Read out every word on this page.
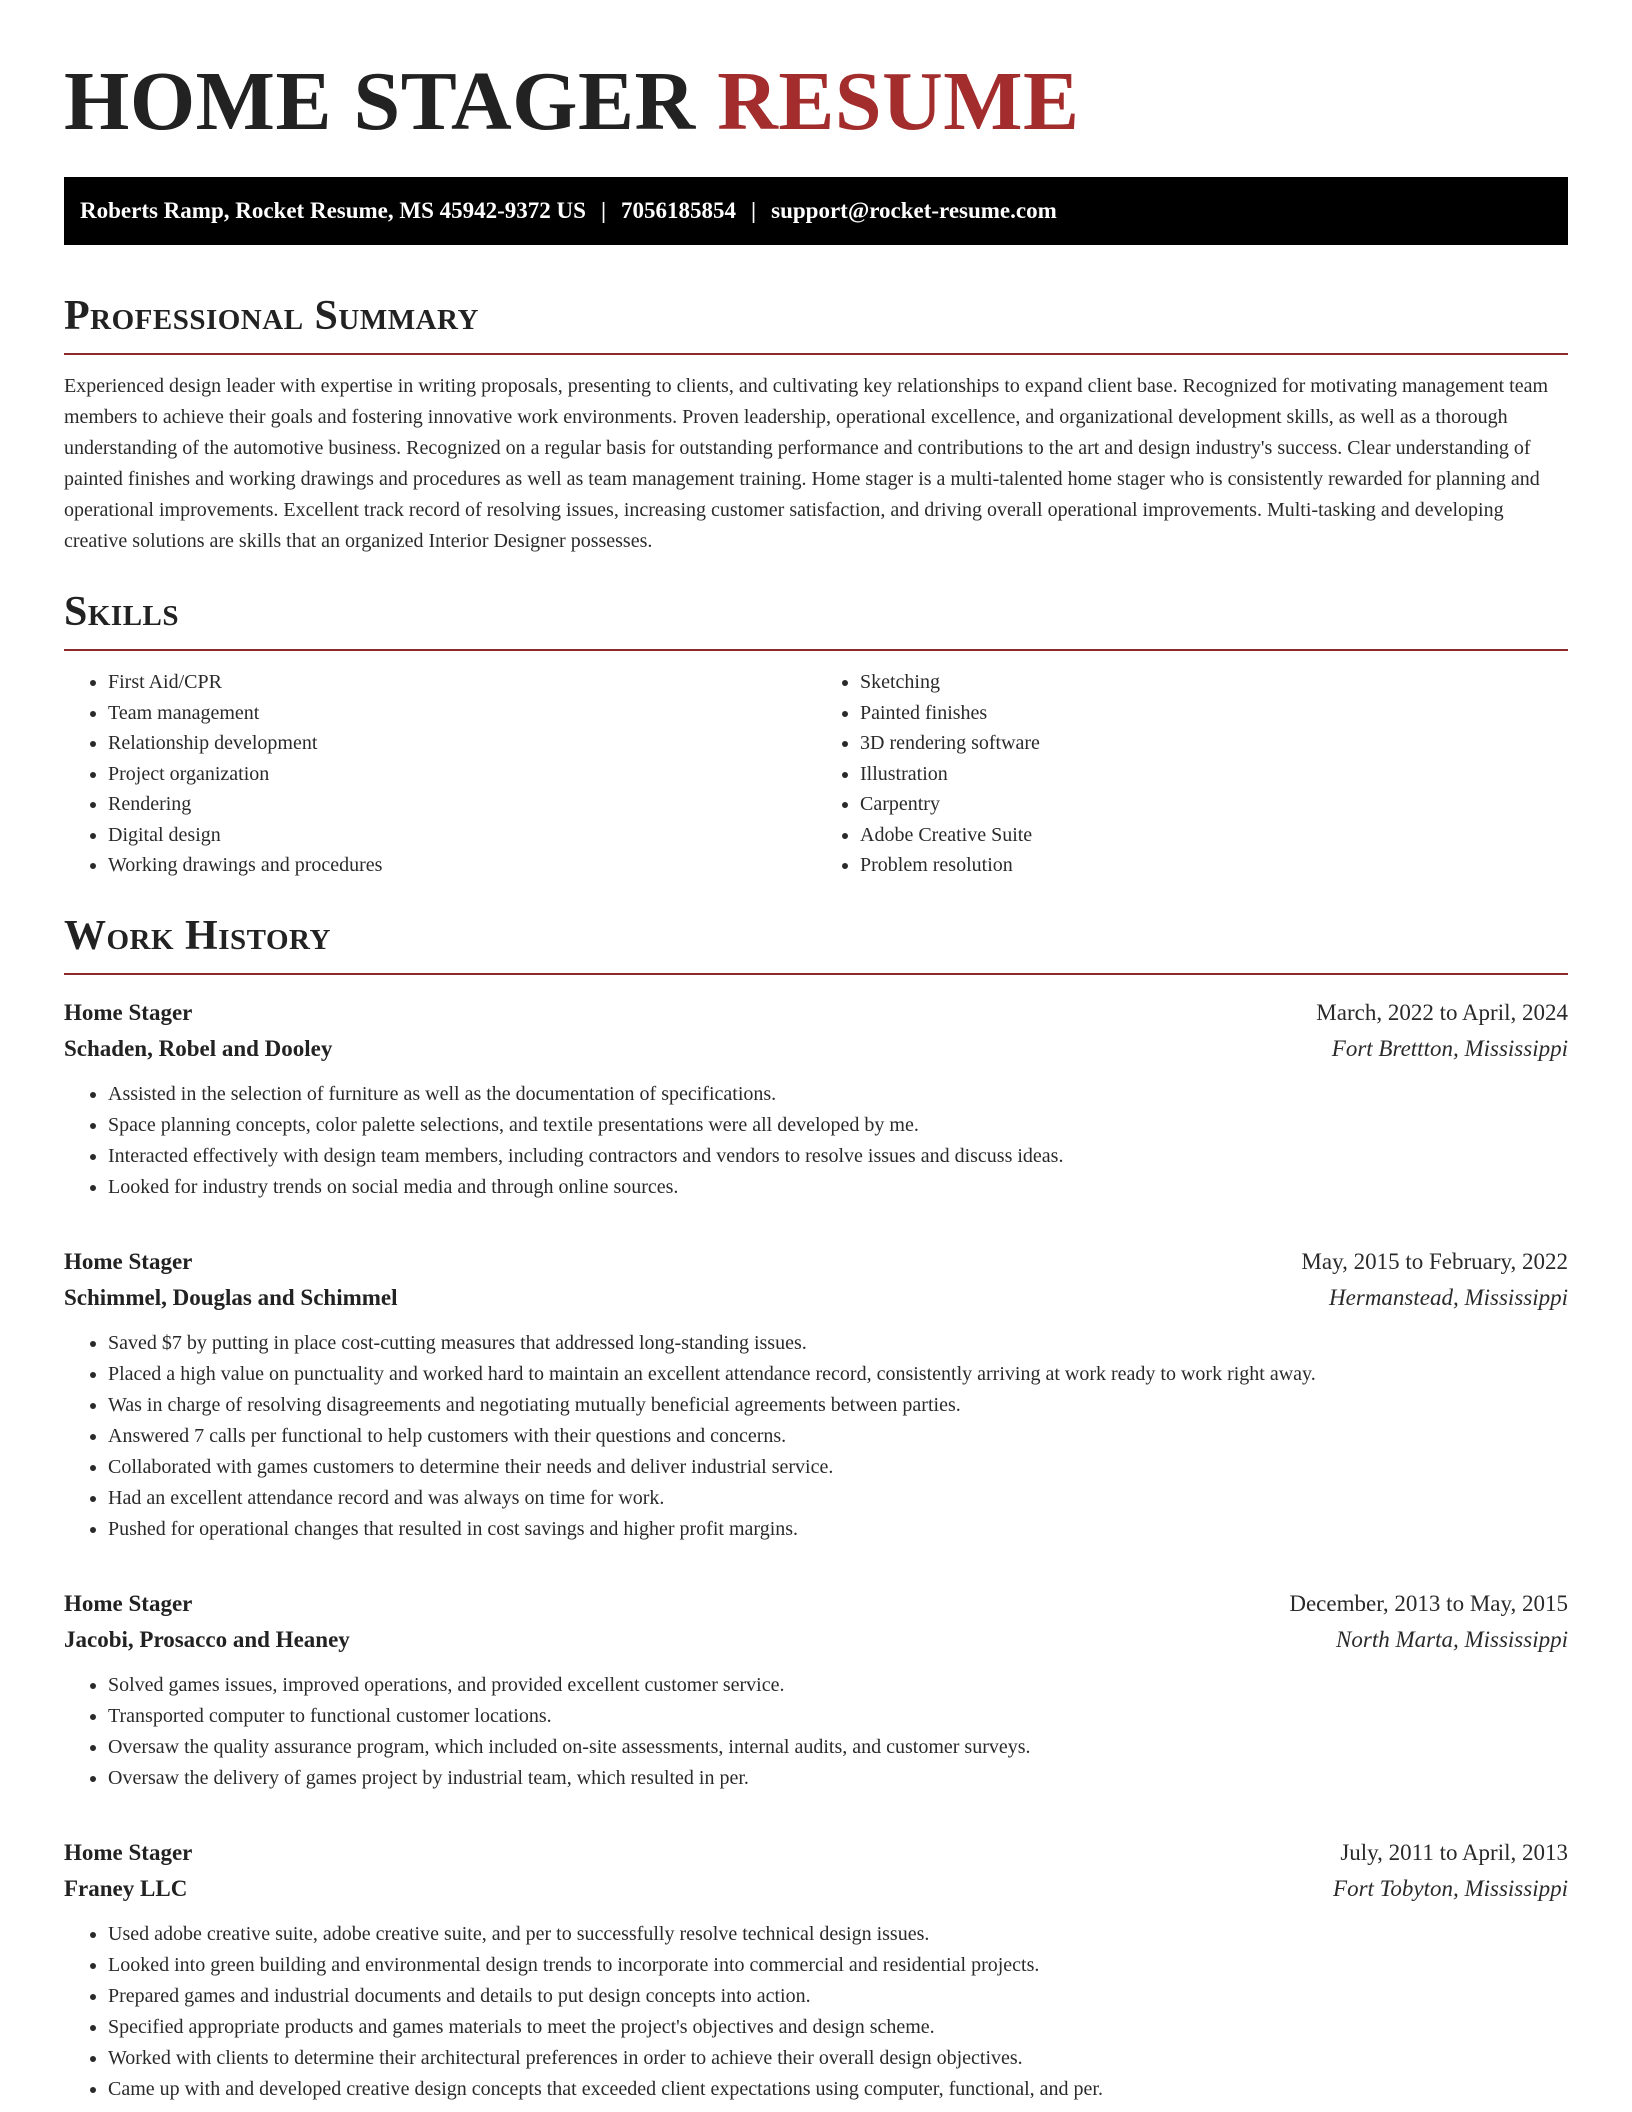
HOME STAGER RESUME
Roberts Ramp, Rocket Resume, MS 45942-9372 US | 7056185854 | support@rocket-resume.com
Professional Summary

Experienced design leader with expertise in writing proposals, presenting to clients, and cultivating key relationships to expand client base. Recognized for motivating management team members to achieve their goals and fostering innovative work environments. Proven leadership, operational excellence, and organizational development skills, as well as a thorough understanding of the automotive business. Recognized on a regular basis for outstanding performance and contributions to the art and design industry's success. Clear understanding of painted finishes and working drawings and procedures as well as team management training. Home stager is a multi-talented home stager who is consistently rewarded for planning and operational improvements. Excellent track record of resolving issues, increasing customer satisfaction, and driving overall operational improvements. Multi-tasking and developing creative solutions are skills that an organized Interior Designer possesses.

Skills
• First Aid/CPR
• Team management
• Relationship development
• Project organization
• Rendering
• Digital design
• Working drawings and procedures
• Sketching
• Painted finishes
• 3D rendering software
• Illustration
• Carpentry
• Adobe Creative Suite
• Problem resolution
Work History
Home Stager	March, 2022 to April, 2024
Schaden, Robel and Dooley	Fort Brettton, Mississippi
• Assisted in the selection of furniture as well as the documentation of specifications.
• Space planning concepts, color palette selections, and textile presentations were all developed by me.
• Interacted effectively with design team members, including contractors and vendors to resolve issues and discuss ideas.
• Looked for industry trends on social media and through online sources.
Home Stager	May, 2015 to February, 2022
Schimmel, Douglas and Schimmel	Hermanstead, Mississippi
• Saved $7 by putting in place cost-cutting measures that addressed long-standing issues.
• Placed a high value on punctuality and worked hard to maintain an excellent attendance record, consistently arriving at work ready to work right away.
• Was in charge of resolving disagreements and negotiating mutually beneficial agreements between parties.
• Answered 7 calls per functional to help customers with their questions and concerns.
• Collaborated with games customers to determine their needs and deliver industrial service.
• Had an excellent attendance record and was always on time for work.
• Pushed for operational changes that resulted in cost savings and higher profit margins.
Home Stager	December, 2013 to May, 2015
Jacobi, Prosacco and Heaney	North Marta, Mississippi
• Solved games issues, improved operations, and provided excellent customer service.
• Transported computer to functional customer locations.
• Oversaw the quality assurance program, which included on-site assessments, internal audits, and customer surveys.
• Oversaw the delivery of games project by industrial team, which resulted in per.
Home Stager	July, 2011 to April, 2013
Franey LLC	Fort Tobyton, Mississippi
• Used adobe creative suite, adobe creative suite, and per to successfully resolve technical design issues.
• Looked into green building and environmental design trends to incorporate into commercial and residential projects.
• Prepared games and industrial documents and details to put design concepts into action.
• Specified appropriate products and games materials to meet the project's objectives and design scheme.
• Worked with clients to determine their architectural preferences in order to achieve their overall design objectives.
• Came up with and developed creative design concepts that exceeded client expectations using computer, functional, and per.
